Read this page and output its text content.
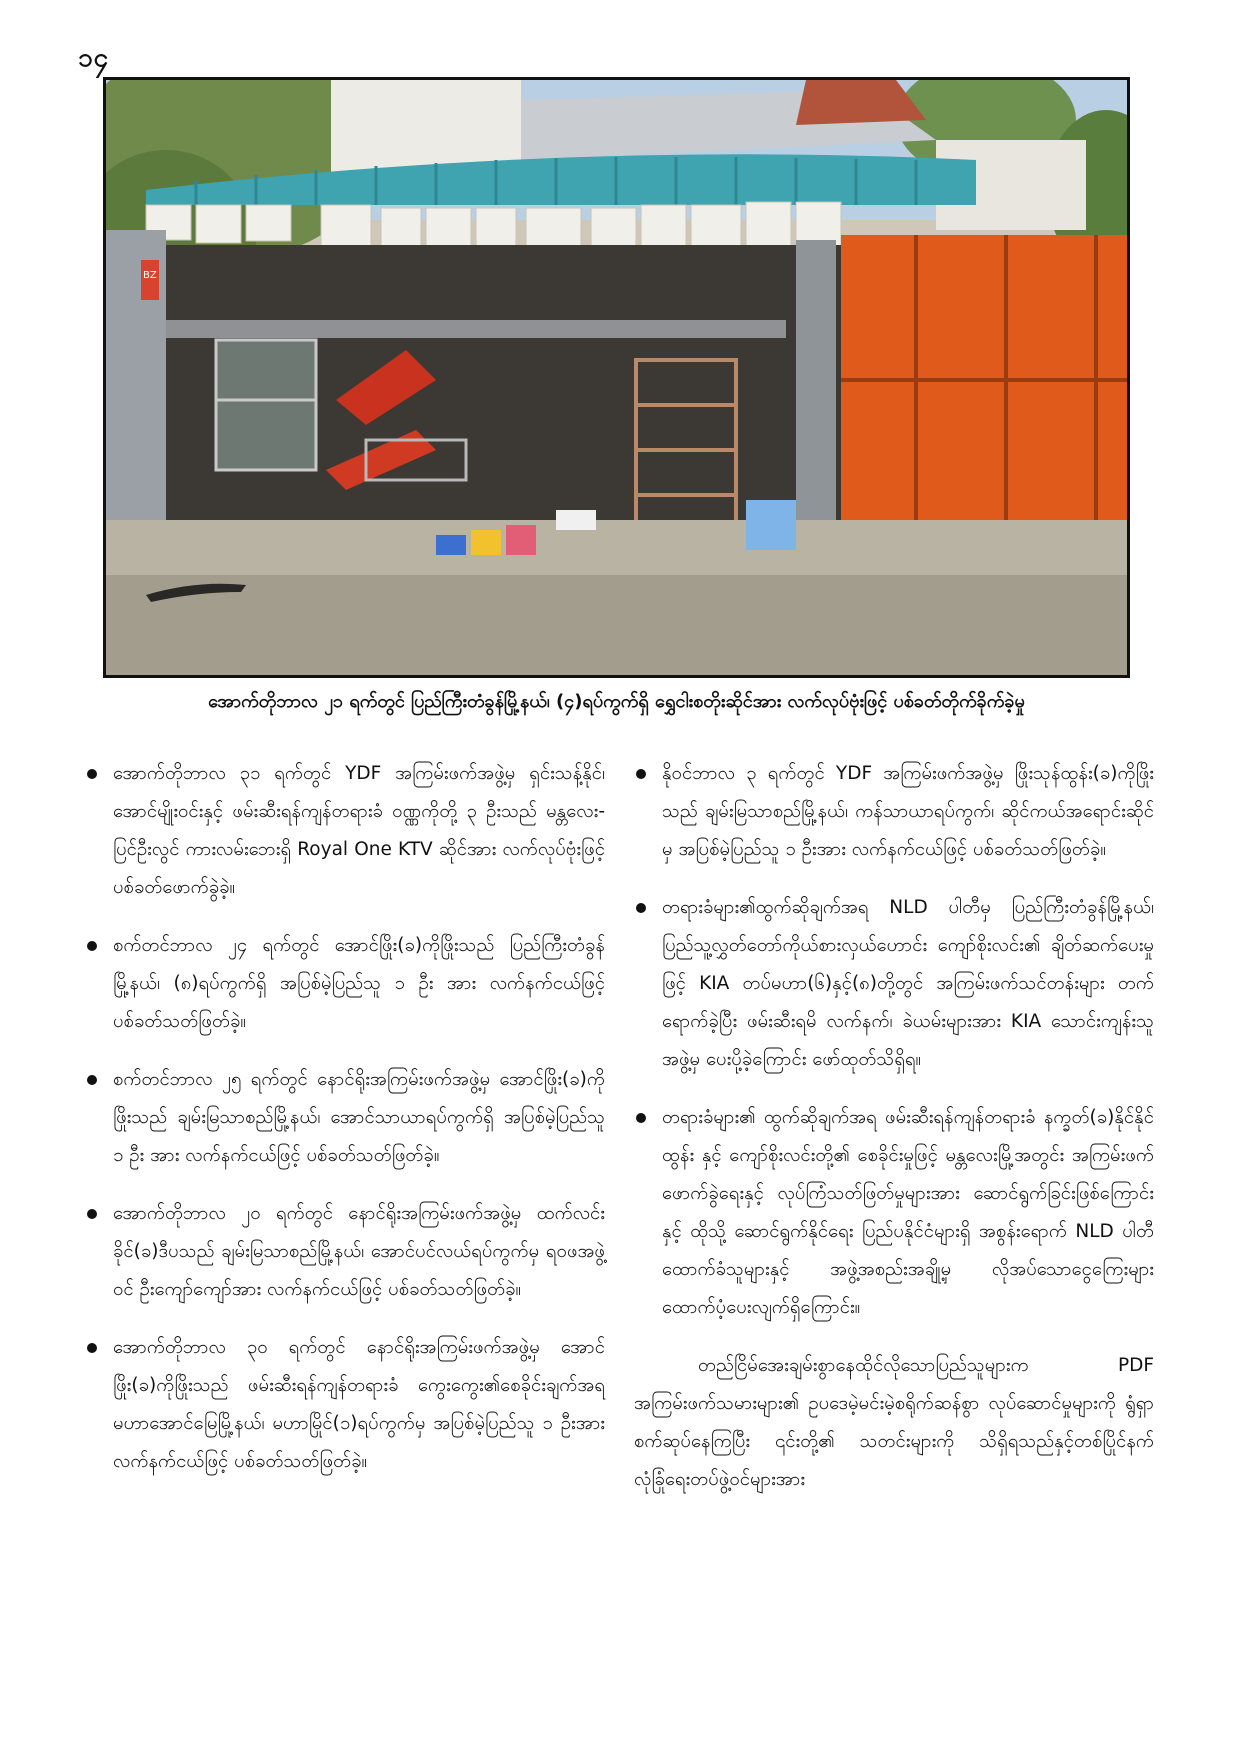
၁၄
BZ
အောက်တိုဘာလ ၂၁ ရက်တွင် ပြည်ကြီးတံခွန်မြို့နယ်၊ (၄)ရပ်ကွက်ရှိ ရွှေငါးစတိုးဆိုင်အား လက်လုပ်ဗုံးဖြင့် ပစ်ခတ်တိုက်ခိုက်ခဲ့မှု
အောက်တိုဘာလ ၃၁ ရက်တွင် YDF အကြမ်းဖက်အဖွဲ့မှ ရှင်းသန့်နိုင်၊ အောင်မျိုးဝင်းနှင့် ဖမ်းဆီးရန်ကျန်တရားခံ ဝဏ္ဏကိုတို့ ၃ ဦးသည် မန္တလေး-ပြင်ဦးလွင် ကားလမ်းဘေးရှိ Royal One KTV ဆိုင်အား လက်လုပ်ဗုံးဖြင့် ပစ်ခတ်ဖောက်ခွဲခဲ့။
စက်တင်ဘာလ ၂၄ ရက်တွင် အောင်ဖြိုး(ခ)ကိုဖြိုးသည် ပြည်ကြီးတံခွန်မြို့နယ်၊ (၈)ရပ်ကွက်ရှိ အပြစ်မဲ့ပြည်သူ ၁ ဦး အား လက်နက်ငယ်ဖြင့် ပစ်ခတ်သတ်ဖြတ်ခဲ့။
စက်တင်ဘာလ ၂၅ ရက်တွင် နောင်ရိုးအကြမ်းဖက်အဖွဲ့မှ အောင်ဖြိုး(ခ)ကိုဖြိုးသည် ချမ်းမြသာစည်မြို့နယ်၊ အောင်သာယာရပ်ကွက်ရှိ အပြစ်မဲ့ပြည်သူ ၁ ဦး အား လက်နက်ငယ်ဖြင့် ပစ်ခတ်သတ်ဖြတ်ခဲ့။
အောက်တိုဘာလ ၂၀ ရက်တွင် နောင်ရိုးအကြမ်းဖက်အဖွဲ့မှ ထက်လင်းခိုင်(ခ)ဒီပသည် ချမ်းမြသာစည်မြို့နယ်၊ အောင်ပင်လယ်ရပ်ကွက်မှ ရဝဖအဖွဲ့ဝင် ဦးကျော်ကျော်အား လက်နက်ငယ်ဖြင့် ပစ်ခတ်သတ်ဖြတ်ခဲ့။
အောက်တိုဘာလ ၃၀ ရက်တွင် နောင်ရိုးအကြမ်းဖက်အဖွဲ့မှ အောင်ဖြိုး(ခ)ကိုဖြိုးသည် ဖမ်းဆီးရန်ကျန်တရားခံ ကွေးကွေး၏စေခိုင်းချက်အရ မဟာအောင်မြေမြို့နယ်၊ မဟာမြိုင်(၁)ရပ်ကွက်မှ အပြစ်မဲ့ပြည်သူ ၁ ဦးအား လက်နက်ငယ်ဖြင့် ပစ်ခတ်သတ်ဖြတ်ခဲ့။
နိုဝင်ဘာလ ၃ ရက်တွင် YDF အကြမ်းဖက်အဖွဲ့မှ ဖြိုးသုန်ထွန်း(ခ)ကိုဖြိုးသည် ချမ်းမြသာစည်မြို့နယ်၊ ကန်သာယာရပ်ကွက်၊ ဆိုင်ကယ်အရောင်းဆိုင်မှ အပြစ်မဲ့ပြည်သူ ၁ ဦးအား လက်နက်ငယ်ဖြင့် ပစ်ခတ်သတ်ဖြတ်ခဲ့။
တရားခံများ၏ထွက်ဆိုချက်အရ NLD ပါတီမှ ပြည်ကြီးတံခွန်မြို့နယ်၊ ပြည်သူ့လွှတ်တော်ကိုယ်စားလှယ်ဟောင်း ကျော်စိုးလင်း၏ ချိတ်ဆက်ပေးမှုဖြင့် KIA တပ်မဟာ(၆)နှင့်(၈)တို့တွင် အကြမ်းဖက်သင်တန်းများ တက်ရောက်ခဲ့ပြီး ဖမ်းဆီးရမိ လက်နက်၊ ခဲယမ်းများအား KIA သောင်းကျန်းသူအဖွဲ့မှ ပေးပို့ခဲ့ကြောင်း ဖော်ထုတ်သိရှိရ။
တရားခံများ၏ ထွက်ဆိုချက်အရ ဖမ်းဆီးရန်ကျန်တရားခံ နက္ခတ်(ခ)နိုင်နိုင်ထွန်း နှင့် ကျော်စိုးလင်းတို့၏ စေခိုင်းမှုဖြင့် မန္တလေးမြို့အတွင်း အကြမ်းဖက်ဖောက်ခွဲရေးနှင့် လုပ်ကြံသတ်ဖြတ်မှုများအား ဆောင်ရွက်ခြင်းဖြစ်ကြောင်းနှင့် ထိုသို့ ဆောင်ရွက်နိုင်ရေး ပြည်ပနိုင်ငံများရှိ အစွန်းရောက် NLD ပါတီထောက်ခံသူများနှင့် အဖွဲ့အစည်းအချို့မှ လိုအပ်သောငွေကြေးများ ထောက်ပံ့ပေးလျက်ရှိကြောင်း။

တည်ငြိမ်အေးချမ်းစွာနေထိုင်လိုသောပြည်သူများက PDF အကြမ်းဖက်သမားများ၏ ဥပဒေမဲ့မင်းမဲ့စရိုက်ဆန်စွာ လုပ်ဆောင်မှုများကို ရွံရှာစက်ဆုပ်နေကြပြီး ၎င်းတို့၏ သတင်းများကို သိရှိရသည်နှင့်တစ်ပြိုင်နက် လုံခြုံရေးတပ်ဖွဲ့ဝင်များအား
